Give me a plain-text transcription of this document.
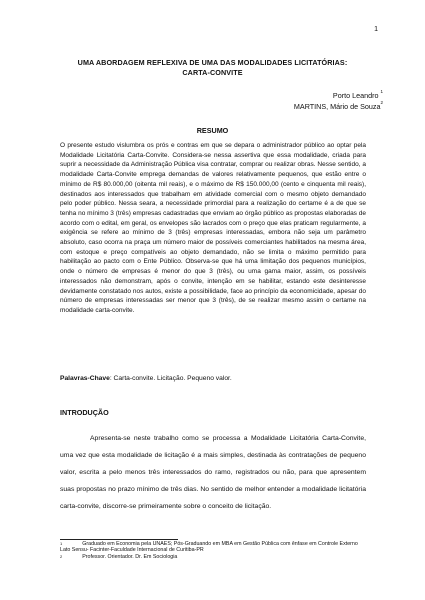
1
UMA ABORDAGEM REFLEXIVA DE UMA DAS MODALIDADES LICITATÓRIAS:
CARTA-CONVITE
Porto Leandro $^1$
MARTINS, Mário de Souza$^2$
RESUMO

O presente estudo vislumbra os prós e contras em que se depara o administrador público ao optar pela Modalidade Licitatória Carta-Convite. Considera-se nessa assertiva que essa modalidade, criada para suprir a necessidade da Administração Pública visa contratar, comprar ou realizar obras. Nesse sentido, a modalidade Carta-Convite emprega demandas de valores relativamente pequenos, que estão entre o mínimo de R$ 80.000,00 (oitenta mil reais), e o máximo de R$ 150.000,00 (cento e cinquenta mil reais), destinados aos interessados que trabalham em atividade comercial com o mesmo objeto demandado pelo poder público. Nessa seara, a necessidade primordial para a realização do certame é a de que se tenha no mínimo 3 (três) empresas cadastradas que enviam ao órgão público as propostas elaboradas de acordo com o edital, em geral, os envelopes são lacrados com o preço que elas praticam regularmente, a exigência se refere ao mínimo de 3 (três) empresas interessadas, embora não seja um parâmetro absoluto, caso ocorra na praça um número maior de possíveis comerciantes habilitados na mesma área, com estoque e preço compatíveis ao objeto demandado, não se limita o máximo permitido para habilitação ao pacto com o Ente Público. Observa-se que há uma limitação dos pequenos municípios, onde o número de empresas é menor do que 3 (três), ou uma gama maior, assim, os possíveis interessados não demonstram, após o convite, intenção em se habilitar, estando este desinteresse devidamente constatado nos autos, existe a possibilidade, face ao princípio da economicidade, apesar do número de empresas interessadas ser menor que 3 (três), de se realizar mesmo assim o certame na modalidade carta-convite.

Palavras-Chave: Carta-convite. Licitação. Pequeno valor.
INTRODUÇÃO

Apresenta-se neste trabalho como se processa a Modalidade Licitatória Carta-Convite, uma vez que esta modalidade de licitação é a mais simples, destinada às contratações de pequeno valor, escrita a pelo menos três interessados do ramo, registrados ou não, para que apresentem suas propostas no prazo mínimo de três dias. No sentido de melhor entender a modalidade licitatória carta-convite, discorre-se primeiramente sobre o conceito de licitação.

$^1$	Graduado em Economia pela UNAES; Pós-Graduando em MBA em Gestão Pública com ênfase em Controle Externo Lato Sensu- Facinter-Faculdade Internacional de Curitiba-PR
$^2$	Professor. Orientador. Dr. Em Sociologia
